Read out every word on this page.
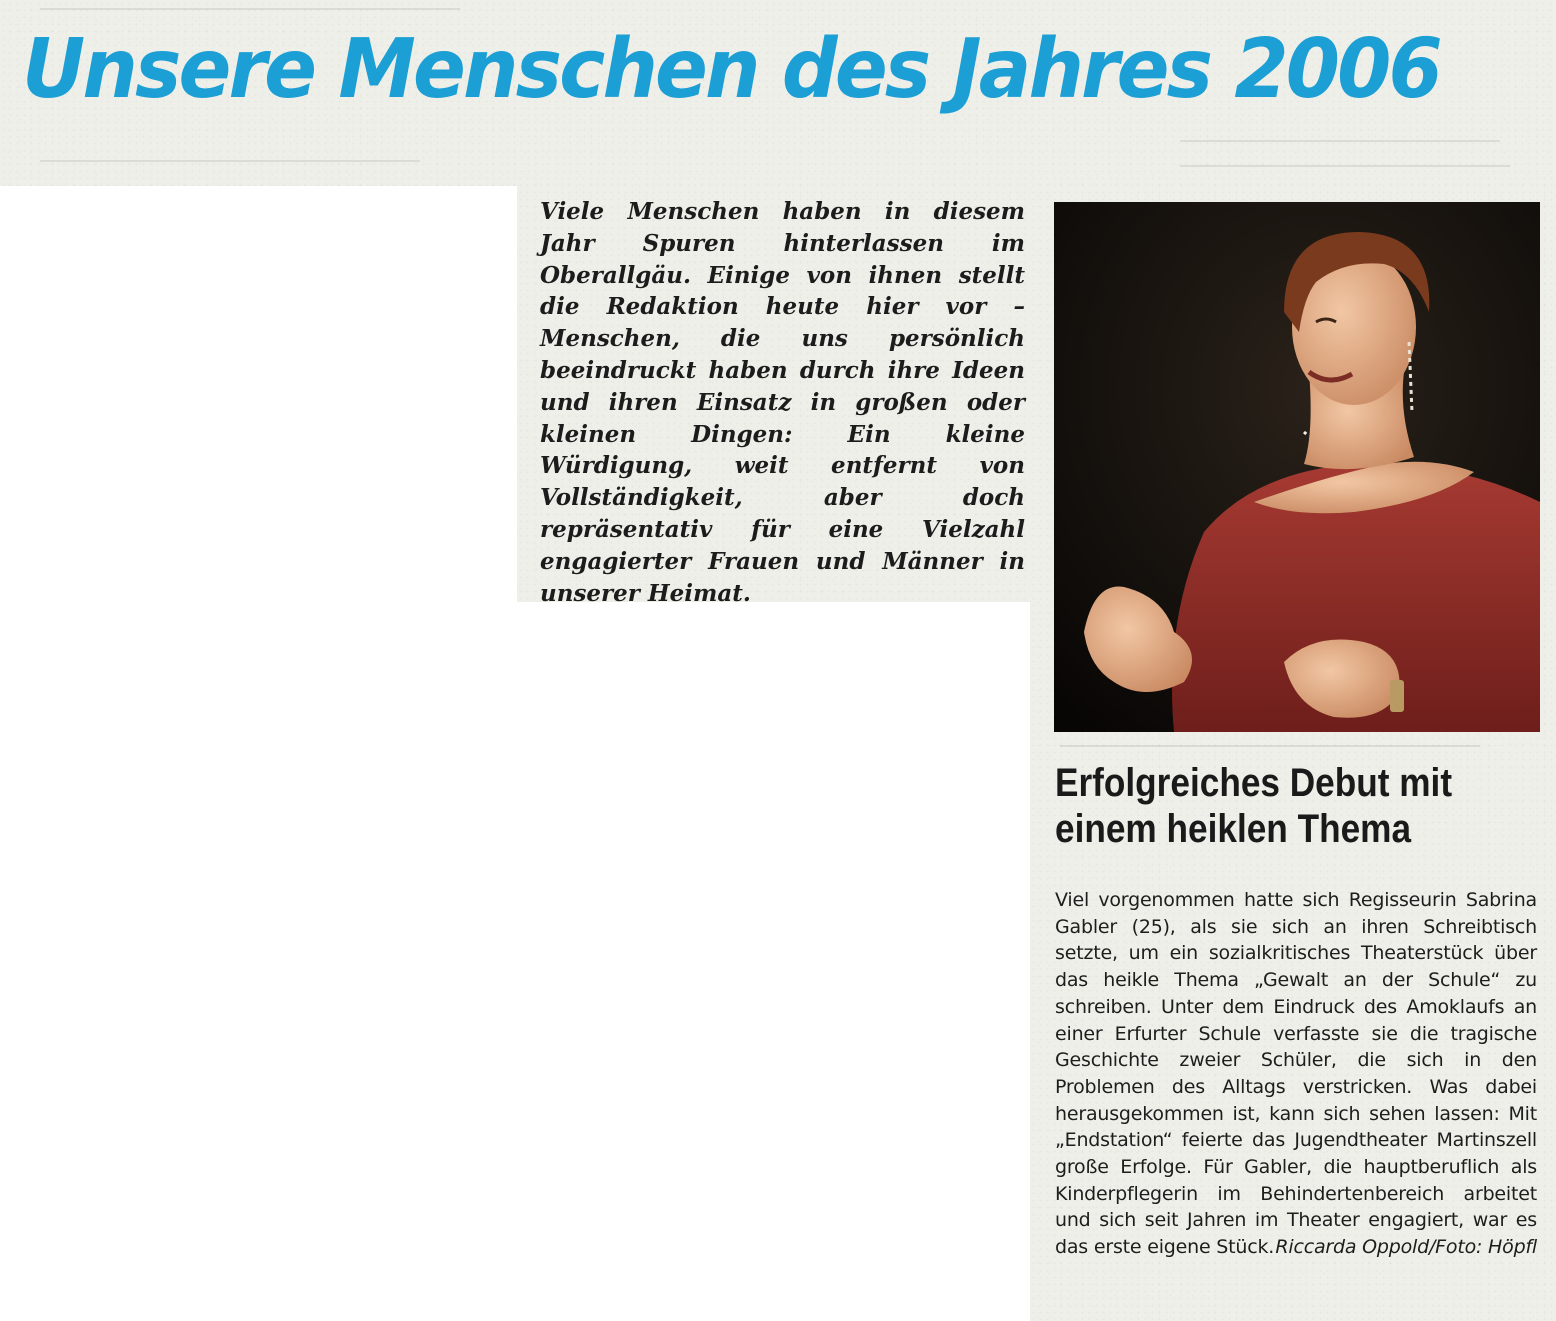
Unsere Menschen des Jahres 2006

Viele Menschen haben in diesem Jahr Spuren hinterlassen im Oberallgäu. Einige von ihnen stellt die Redaktion heute hier vor – Menschen, die uns persönlich beeindruckt haben durch ihre Ideen und ihren Einsatz in großen oder kleinen Dingen: Ein kleine Würdigung, weit entfernt von Vollständigkeit, aber doch repräsentativ für eine Vielzahl engagierter Frauen und Männer in unserer Heimat.

Erfolgreiches Debut mit
einem heiklen Thema

Viel vorgenommen hatte sich Regisseurin Sabrina Gabler (25), als sie sich an ihren Schreibtisch setzte, um ein sozialkritisches Theaterstück über das heikle Thema „Gewalt an der Schule“ zu schreiben. Unter dem Eindruck des Amoklaufs an einer Erfurter Schule verfasste sie die tragische Geschichte zweier Schüler, die sich in den Problemen des Alltags verstricken. Was dabei herausgekommen ist, kann sich sehen lassen: Mit „Endstation“ feierte das Jugendtheater Martinszell große Erfolge. Für Gabler, die hauptberuflich als Kinderpflegerin im Behindertenbereich arbeitet und sich seit Jahren im Theater engagiert, war es das erste eigene Stück. Riccarda Oppold/Foto: Höpfl
